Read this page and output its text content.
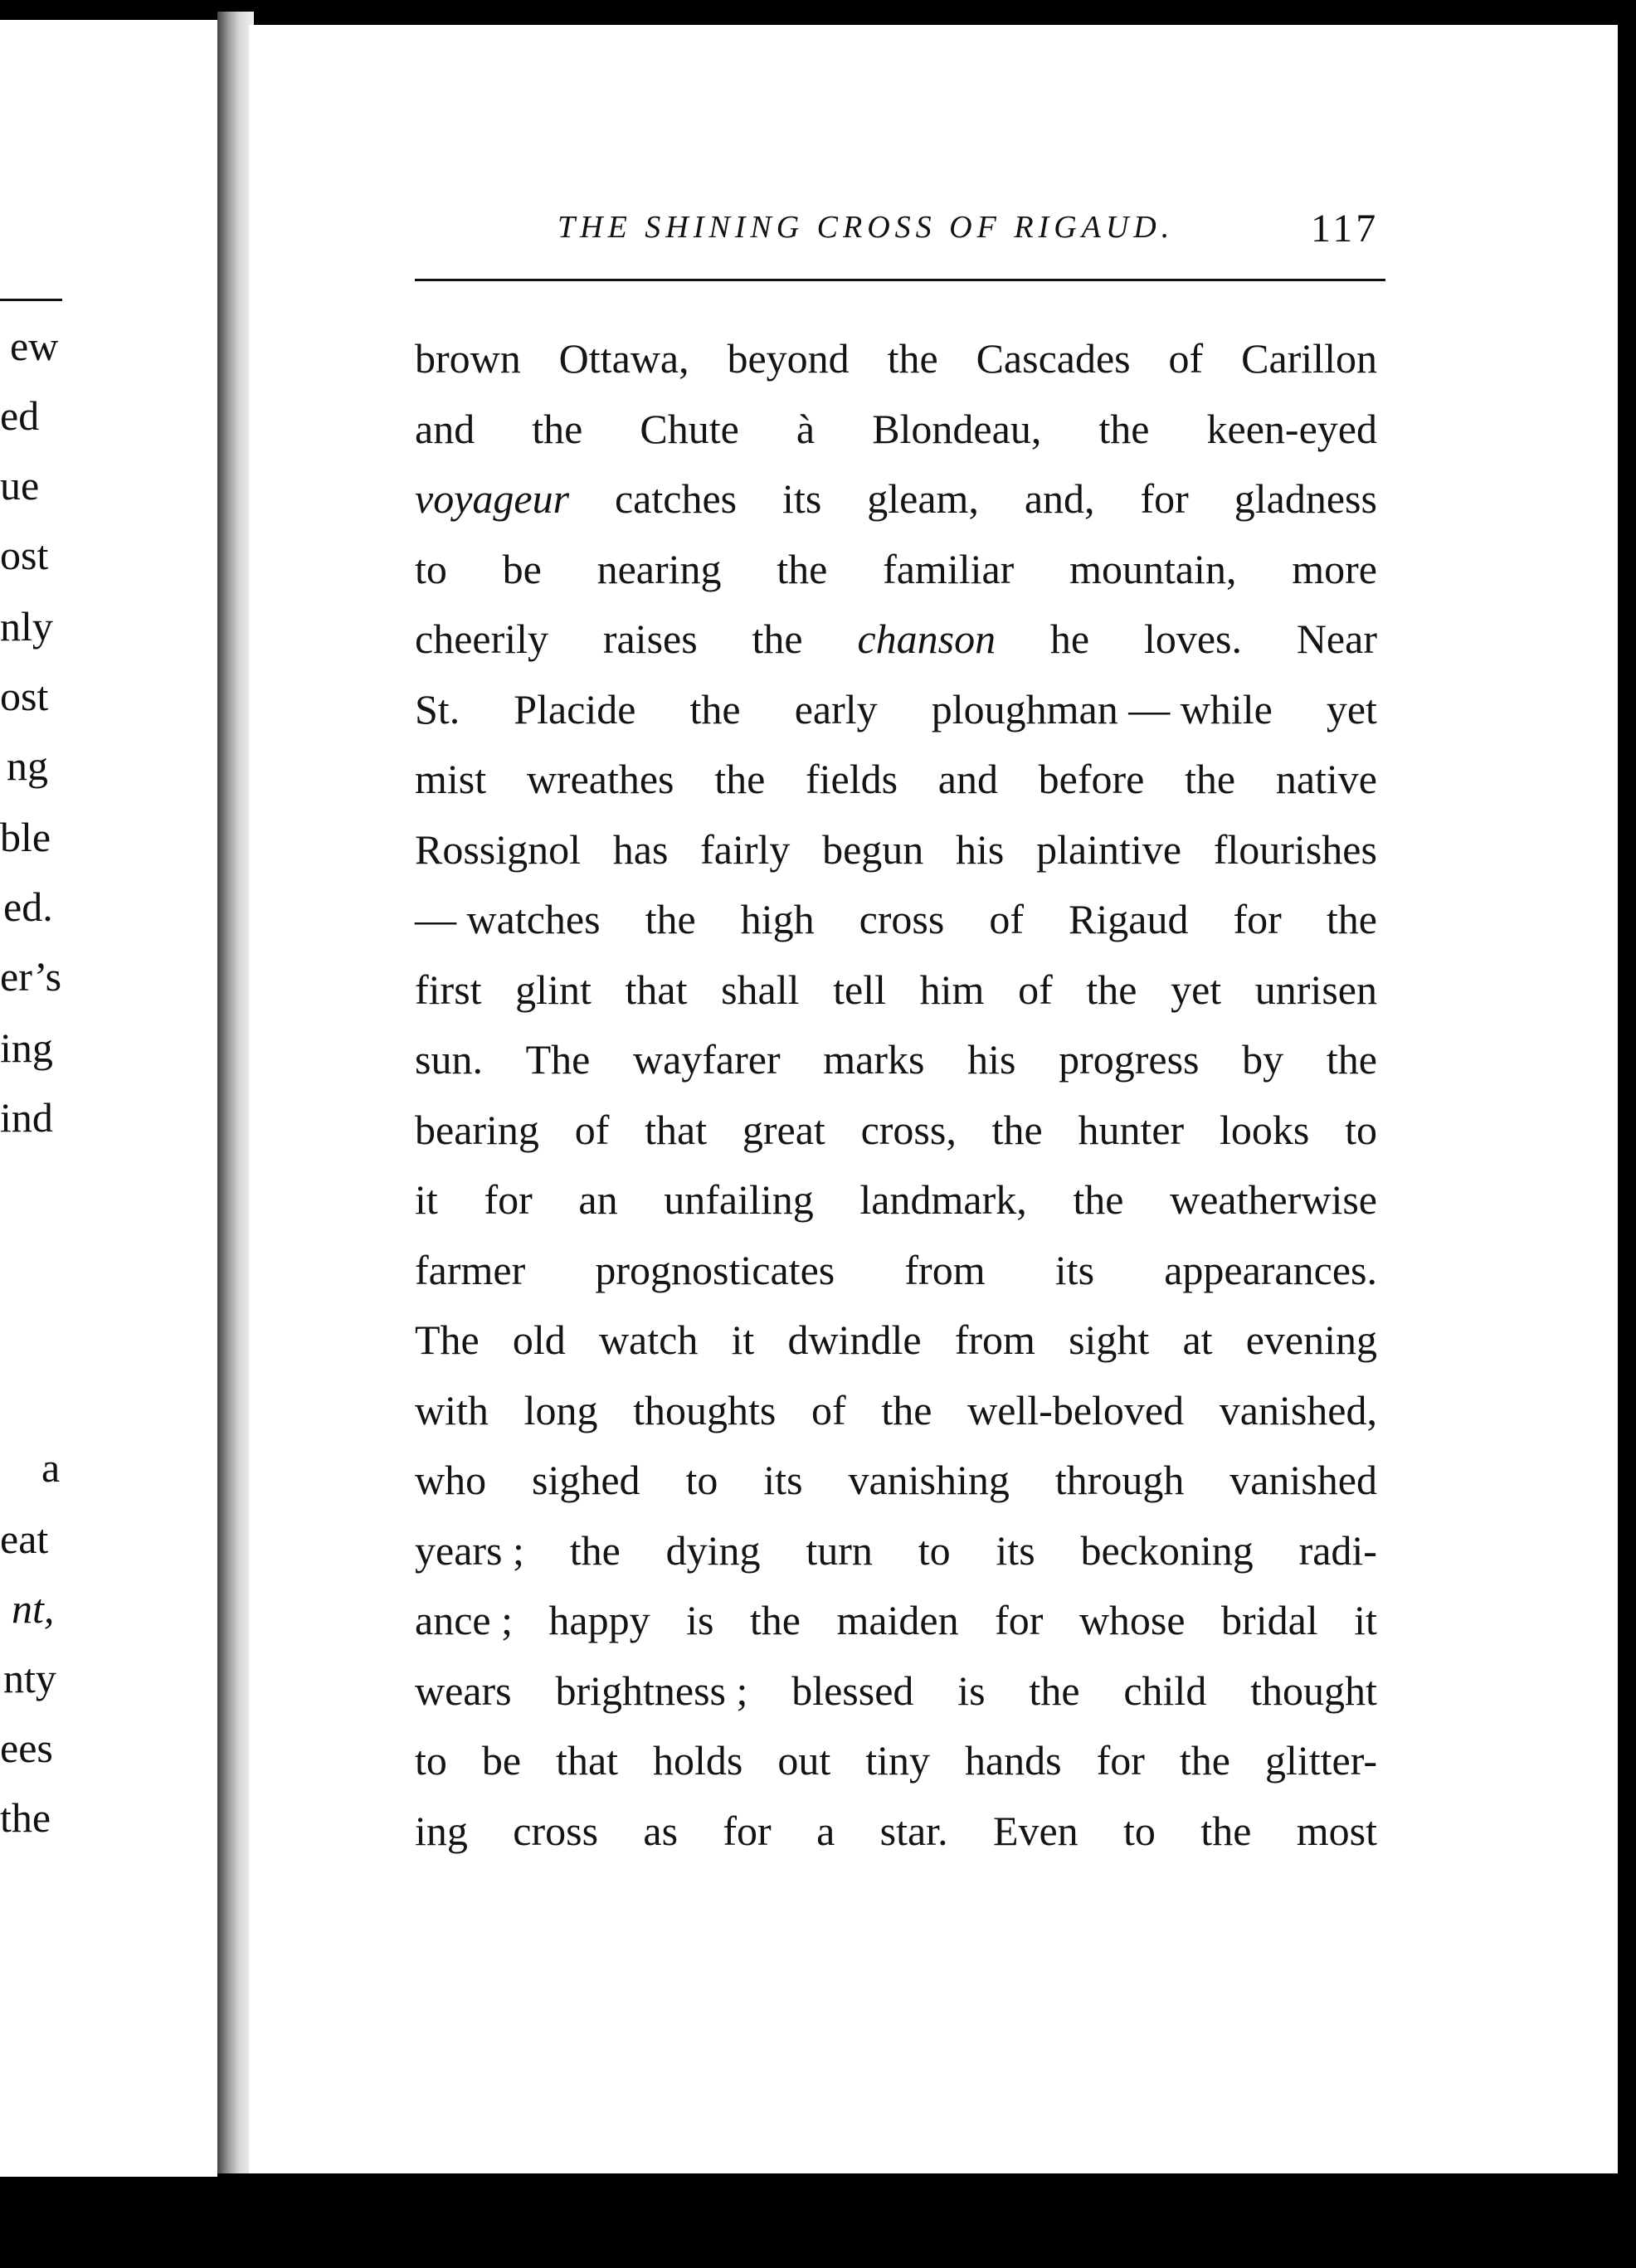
ew
ed
ue
ost
nly
ost
ng
ble
ed.
er’s
ing
ind
a
eat
nt,
nty
ees
the
THE SHINING CROSS OF RIGAUD.	117
brown Ottawa, beyond the Cascades of Carillon
and the Chute à Blondeau, the keen-eyed
voyageur catches its gleam, and, for gladness
to be nearing the familiar mountain, more
cheerily raises the chanson he loves. Near
St. Placide the early ploughman — while yet
mist wreathes the fields and before the native
Rossignol has fairly begun his plaintive flourishes
— watches the high cross of Rigaud for the
first glint that shall tell him of the yet unrisen
sun. The wayfarer marks his progress by the
bearing of that great cross, the hunter looks to
it for an unfailing landmark, the weatherwise
farmer prognosticates from its appearances.
The old watch it dwindle from sight at evening
with long thoughts of the well-beloved vanished,
who sighed to its vanishing through vanished
years ; the dying turn to its beckoning radi-
ance ; happy is the maiden for whose bridal it
wears brightness ; blessed is the child thought
to be that holds out tiny hands for the glitter-
ing cross as for a star. Even to the most
